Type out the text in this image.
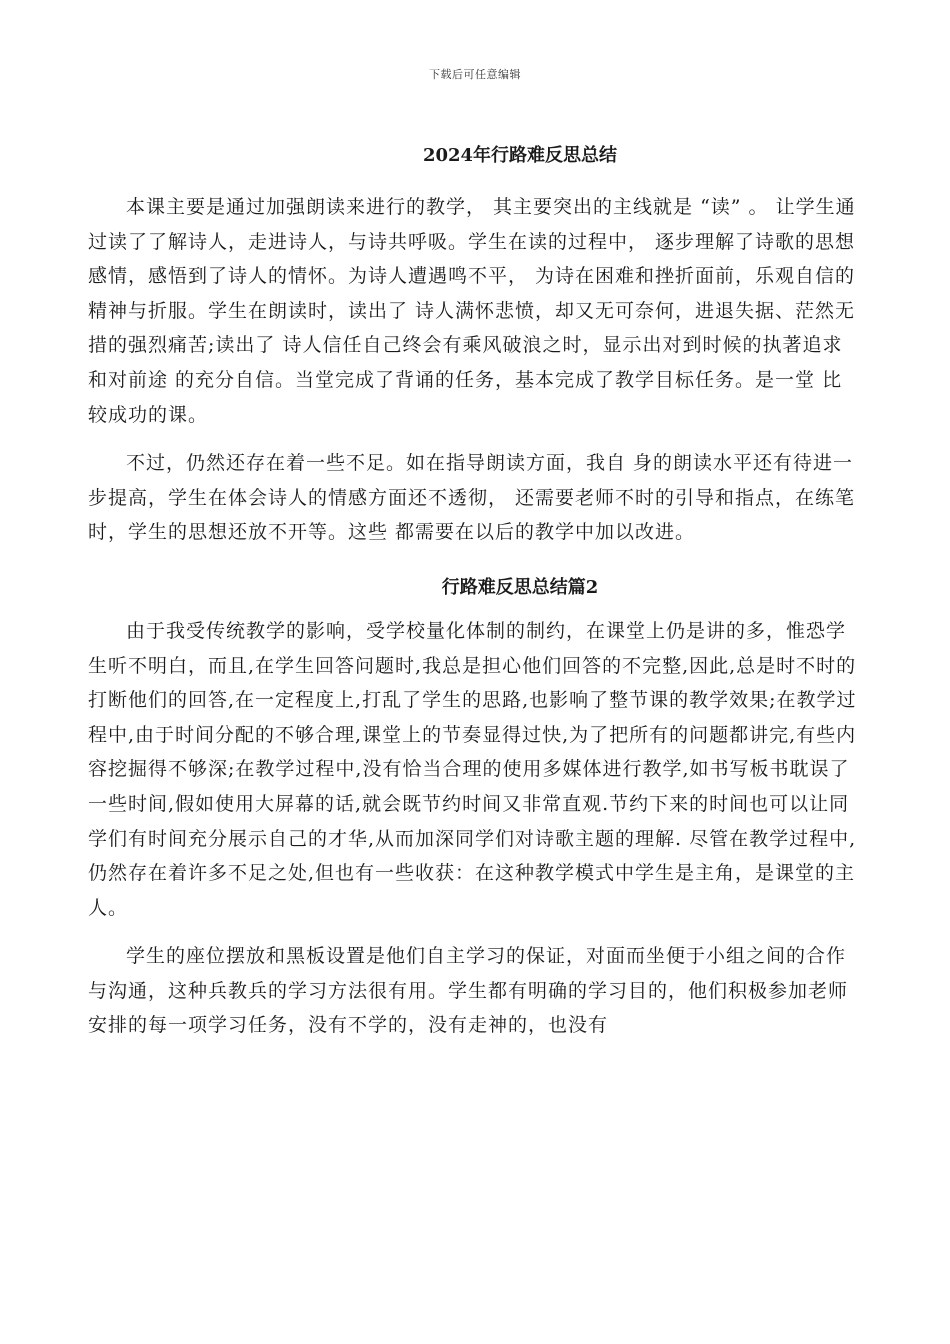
下载后可任意编辑
2024年行路难反思总结

本课主要是通过加强朗读来进行的教学， 其主要突出的主线就是 “读” 。 让学生通过读了了解诗人，走进诗人，与诗共呼吸。学生在读的过程中， 逐步理解了诗歌的思想感情，感悟到了诗人的情怀。为诗人遭遇鸣不平， 为诗在困难和挫折面前，乐观自信的精神与折服。学生在朗读时，读出了 诗人满怀悲愤，却又无可奈何，进退失据、茫然无措的强烈痛苦;读出了 诗人信任自己终会有乘风破浪之时，显示出对到时候的执著追求和对前途 的充分自信。当堂完成了背诵的任务，基本完成了教学目标任务。是一堂 比较成功的课。

不过，仍然还存在着一些不足。如在指导朗读方面，我自 身的朗读水平还有待进一步提高，学生在体会诗人的情感方面还不透彻， 还需要老师不时的引导和指点，在练笔时，学生的思想还放不开等。这些 都需要在以后的教学中加以改进。

行路难反思总结篇2

由于我受传统教学的影响，受学校量化体制的制约，在课堂上仍是讲的多，惟恐学生听不明白，而且,在学生回答问题时,我总是担心他们回答的不完整,因此,总是时不时的打断他们的回答,在一定程度上,打乱了学生的思路,也影响了整节课的教学效果;在教学过程中,由于时间分配的不够合理,课堂上的节奏显得过快,为了把所有的问题都讲完,有些内容挖掘得不够深;在教学过程中,没有恰当合理的使用多媒体进行教学,如书写板书耽误了一些时间,假如使用大屏幕的话,就会既节约时间又非常直观.节约下来的时间也可以让同学们有时间充分展示自己的才华,从而加深同学们对诗歌主题的理解. 尽管在教学过程中,仍然存在着许多不足之处,但也有一些收获：在这种教学模式中学生是主角，是课堂的主人。

学生的座位摆放和黑板设置是他们自主学习的保证，对面而坐便于小组之间的合作与沟通，这种兵教兵的学习方法很有用。学生都有明确的学习目的，他们积极参加老师安排的每一项学习任务，没有不学的，没有走神的，也没有
